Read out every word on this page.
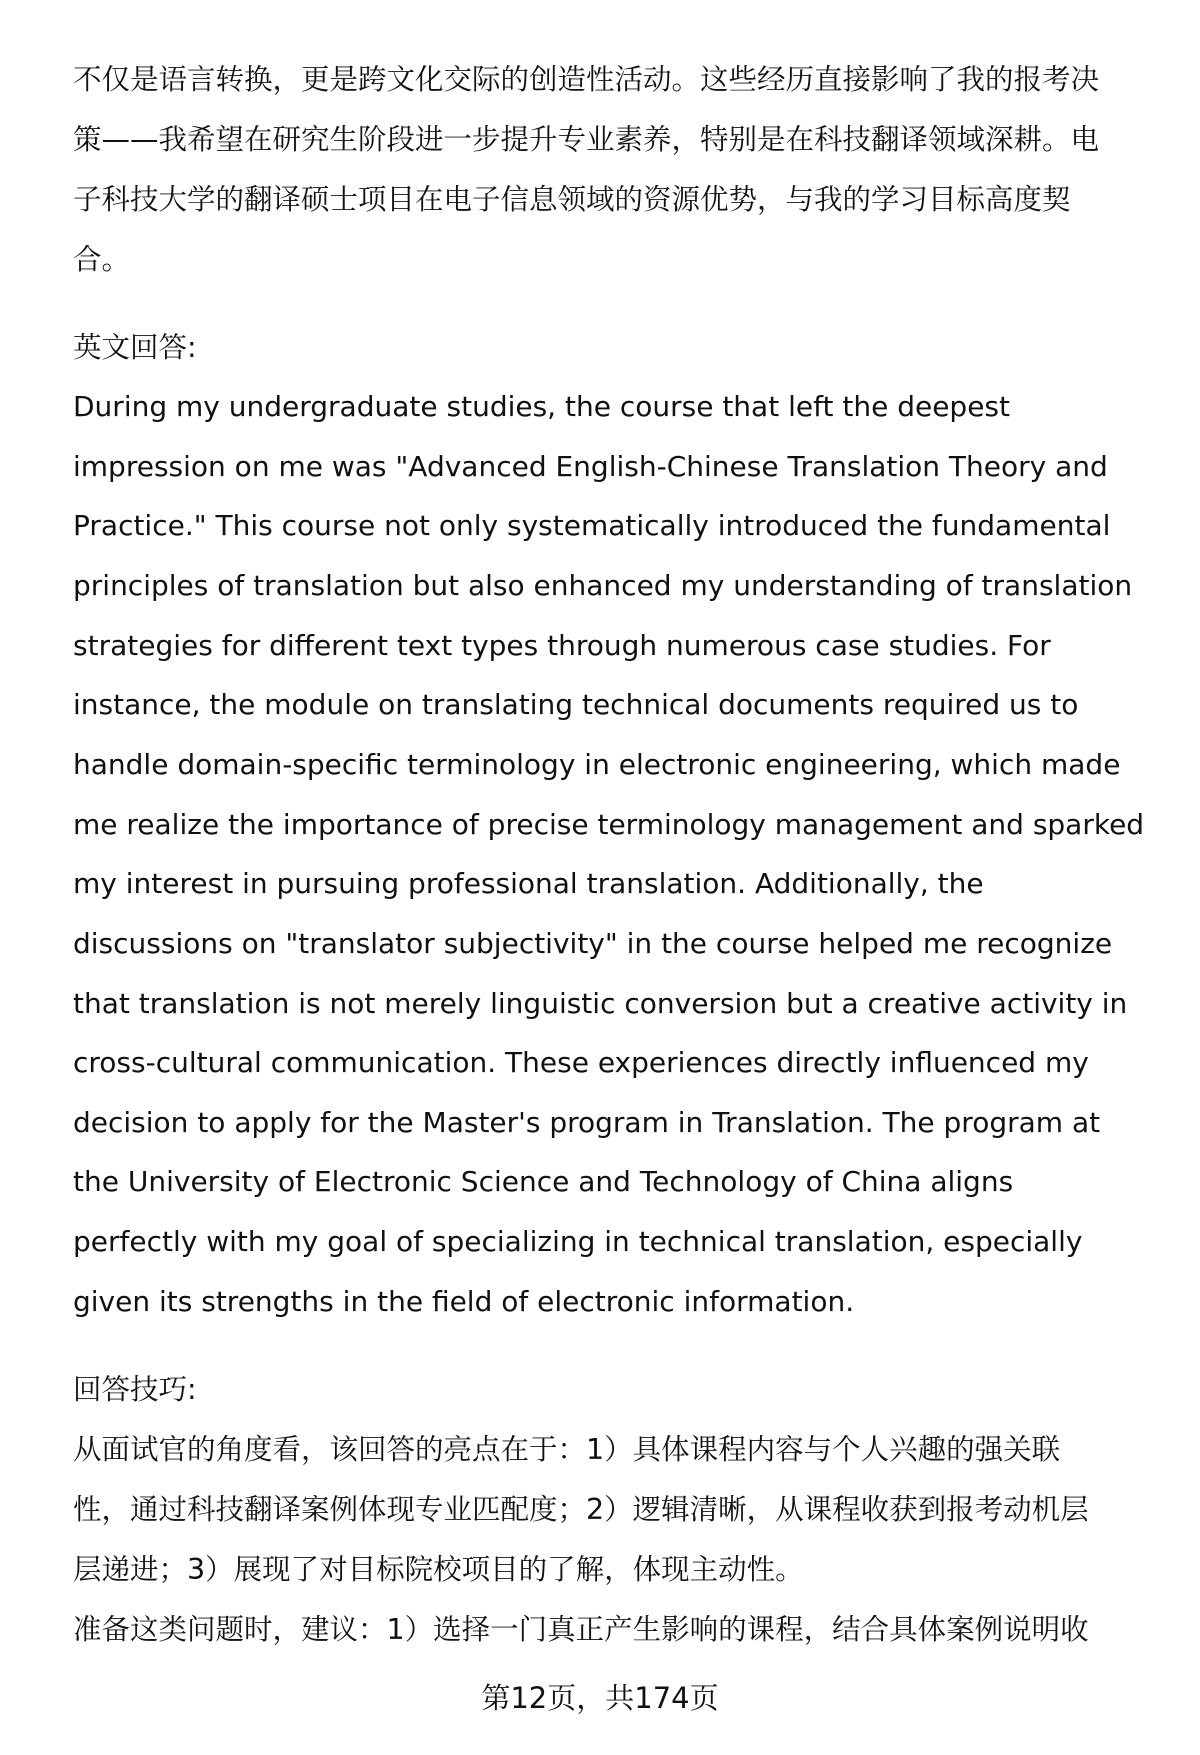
不仅是语言转换，更是跨文化交际的创造性活动。这些经历直接影响了我的报考决
策——我希望在研究生阶段进一步提升专业素养，特别是在科技翻译领域深耕。电
子科技大学的翻译硕士项目在电子信息领域的资源优势，与我的学习目标高度契
合。
英文回答:
During my undergraduate studies, the course that left the deepest
impression on me was "Advanced English-Chinese Translation Theory and
Practice." This course not only systematically introduced the fundamental
principles of translation but also enhanced my understanding of translation
strategies for different text types through numerous case studies. For
instance, the module on translating technical documents required us to
handle domain-specific terminology in electronic engineering, which made
me realize the importance of precise terminology management and sparked
my interest in pursuing professional translation. Additionally, the
discussions on "translator subjectivity" in the course helped me recognize
that translation is not merely linguistic conversion but a creative activity in
cross-cultural communication. These experiences directly influenced my
decision to apply for the Master's program in Translation. The program at
the University of Electronic Science and Technology of China aligns
perfectly with my goal of specializing in technical translation, especially
given its strengths in the field of electronic information.
回答技巧:
从面试官的角度看，该回答的亮点在于：1）具体课程内容与个人兴趣的强关联
性，通过科技翻译案例体现专业匹配度；2）逻辑清晰，从课程收获到报考动机层
层递进；3）展现了对目标院校项目的了解，体现主动性。
准备这类问题时，建议：1）选择一门真正产生影响的课程，结合具体案例说明收
第12页，共174页
